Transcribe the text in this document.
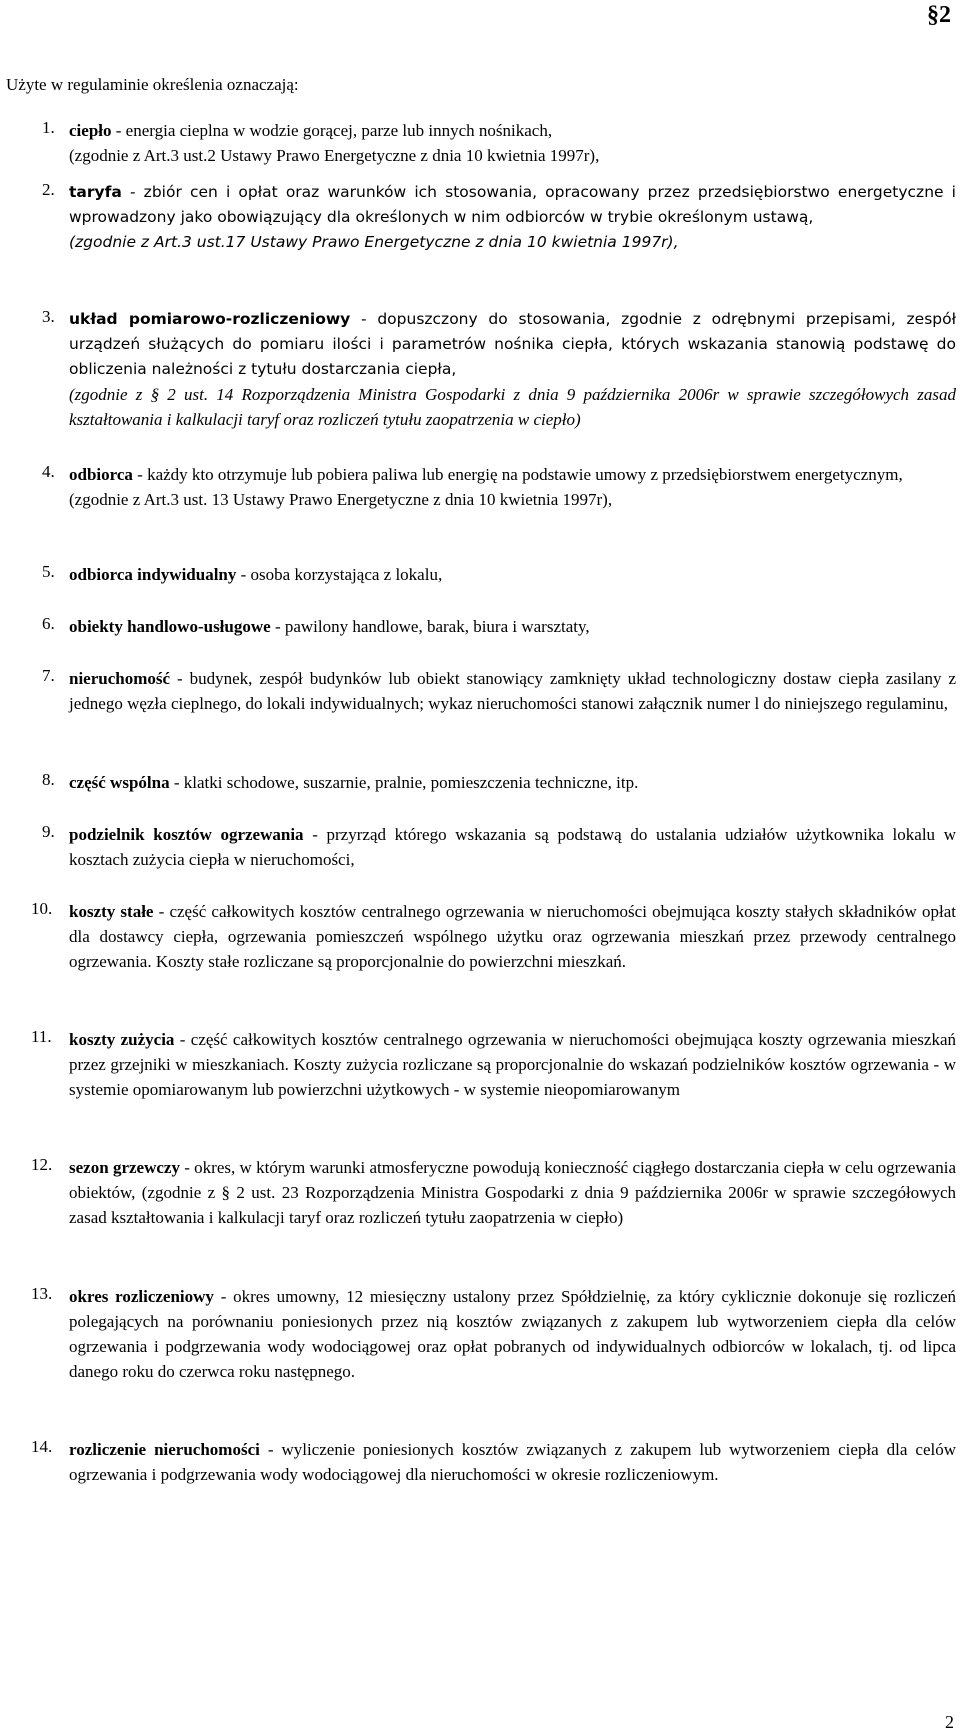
§2
Użyte w regulaminie określenia oznaczają:
1. ciepło - energia cieplna w wodzie gorącej, parze lub innych nośnikach,
(zgodnie z Art.3 ust.2 Ustawy Prawo Energetyczne z dnia 10 kwietnia 1997r),
2. taryfa - zbiór cen i opłat oraz warunków ich stosowania, opracowany przez przedsiębiorstwo energetyczne i wprowadzony jako obowiązujący dla określonych w nim odbiorców w trybie określonym ustawą,
(zgodnie z Art.3 ust.17 Ustawy Prawo Energetyczne z dnia 10 kwietnia 1997r),
3. układ pomiarowo-rozliczeniowy - dopuszczony do stosowania, zgodnie z odrębnymi przepisami, zespół urządzeń służących do pomiaru ilości i parametrów nośnika ciepła, których wskazania stanowią podstawę do obliczenia należności z tytułu dostarczania ciepła,
(zgodnie z § 2 ust. 14 Rozporządzenia Ministra Gospodarki z dnia 9 października 2006r w sprawie szczegółowych zasad kształtowania i kalkulacji taryf oraz rozliczeń tytułu zaopatrzenia w ciepło)
4. odbiorca - każdy kto otrzymuje lub pobiera paliwa lub energię na podstawie umowy z przedsiębiorstwem energetycznym,
(zgodnie z Art.3 ust. 13 Ustawy Prawo Energetyczne z dnia 10 kwietnia 1997r),
5. odbiorca indywidualny - osoba korzystająca z lokalu,
6. obiekty handlowo-usługowe - pawilony handlowe, barak, biura i warsztaty,
7. nieruchomość - budynek, zespół budynków lub obiekt stanowiący zamknięty układ technologiczny dostaw ciepła zasilany z jednego węzła cieplnego, do lokali indywidualnych; wykaz nieruchomości stanowi załącznik numer l do niniejszego regulaminu,
8. część wspólna - klatki schodowe, suszarnie, pralnie, pomieszczenia techniczne, itp.
9. podzielnik kosztów ogrzewania - przyrząd którego wskazania są podstawą do ustalania udziałów użytkownika lokalu w kosztach zużycia ciepła w nieruchomości,
10. koszty stałe - część całkowitych kosztów centralnego ogrzewania w nieruchomości obejmująca koszty stałych składników opłat dla dostawcy ciepła, ogrzewania pomieszczeń wspólnego użytku oraz ogrzewania mieszkań przez przewody centralnego ogrzewania. Koszty stałe rozliczane są proporcjonalnie do powierzchni mieszkań.
11. koszty zużycia - część całkowitych kosztów centralnego ogrzewania w nieruchomości obejmująca koszty ogrzewania mieszkań przez grzejniki w mieszkaniach. Koszty zużycia rozliczane są proporcjonalnie do wskazań podzielników kosztów ogrzewania - w systemie opomiarowanym lub powierzchni użytkowych - w systemie nieopomiarowanym
12. sezon grzewczy - okres, w którym warunki atmosferyczne powodują konieczność ciągłego dostarczania ciepła w celu ogrzewania obiektów, (zgodnie z § 2 ust. 23 Rozporządzenia Ministra Gospodarki z dnia 9 października 2006r w sprawie szczegółowych zasad kształtowania i kalkulacji taryf oraz rozliczeń tytułu zaopatrzenia w ciepło)
13. okres rozliczeniowy - okres umowny, 12 miesięczny ustalony przez Spółdzielnię, za który cyklicznie dokonuje się rozliczeń polegających na porównaniu poniesionych przez nią kosztów związanych z zakupem lub wytworzeniem ciepła dla celów ogrzewania i podgrzewania wody wodociągowej oraz opłat pobranych od indywidualnych odbiorców w lokalach, tj. od lipca danego roku do czerwca roku następnego.
14. rozliczenie nieruchomości - wyliczenie poniesionych kosztów związanych z zakupem lub wytworzeniem ciepła dla celów ogrzewania i podgrzewania wody wodociągowej dla nieruchomości w okresie rozliczeniowym.
2
